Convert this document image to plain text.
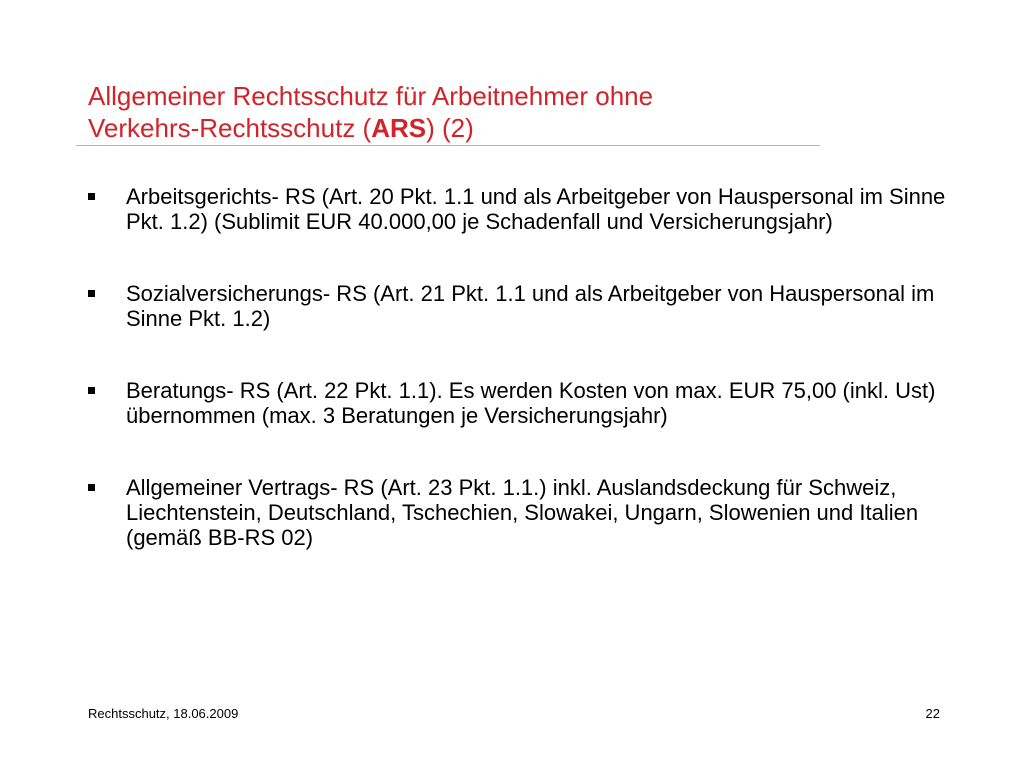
Allgemeiner Rechtsschutz für Arbeitnehmer ohne
Verkehrs-Rechtsschutz (ARS) (2)
Arbeitsgerichts- RS (Art. 20 Pkt. 1.1 und als Arbeitgeber von Hauspersonal im Sinne Pkt. 1.2) (Sublimit EUR 40.000,00 je Schadenfall und Versicherungsjahr)
Sozialversicherungs- RS (Art. 21 Pkt. 1.1 und als Arbeitgeber von Hauspersonal im Sinne Pkt. 1.2)
Beratungs- RS (Art. 22 Pkt. 1.1). Es werden Kosten von max. EUR 75,00 (inkl. Ust) übernommen (max. 3 Beratungen je Versicherungsjahr)
Allgemeiner Vertrags- RS (Art. 23 Pkt. 1.1.) inkl. Auslandsdeckung für Schweiz, Liechtenstein, Deutschland, Tschechien, Slowakei, Ungarn, Slowenien und Italien (gemäß BB-RS 02)
Rechtsschutz, 18.06.2009	22
